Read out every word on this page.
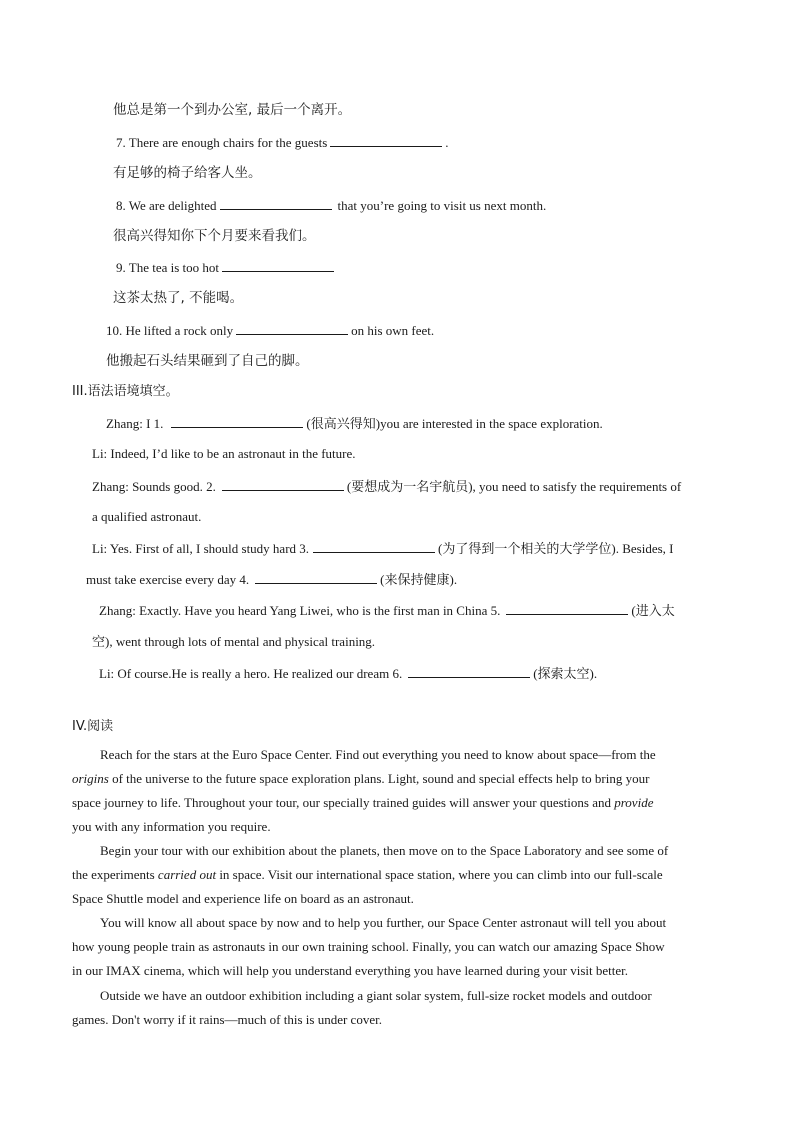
他总是第一个到办公室, 最后一个离开。
7. There are enough chairs for the guests	.
有足够的椅子给客人坐。
8. We are delighted	that you’re going to visit us next month.
很高兴得知你下个月要来看我们。
9. The tea is too hot
这茶太热了, 不能喝。
10. He lifted a rock only	on his own feet.
他搬起石头结果砸到了自己的脚。
III.语法语境填空。
Zhang: I 1.	(很高兴得知)you are interested in the space exploration.
Li: Indeed, I’d like to be an astronaut in the future.
Zhang: Sounds good. 2.	(要想成为一名宇航员), you need to satisfy the requirements of
a qualified astronaut.
Li: Yes. First of all, I should study hard 3.	(为了得到一个相关的大学学位). Besides, I
must take exercise every day 4.	(来保持健康).
Zhang: Exactly. Have you heard Yang Liwei, who is the first man in China 5.	(进入太
空), went through lots of mental and physical training.
Li: Of course.He is really a hero. He realized our dream 6.	(探索太空).
IV.阅读
Reach for the stars at the Euro Space Center. Find out everything you need to know about space—from the
origins of the universe to the future space exploration plans. Light, sound and special effects help to bring your
space journey to life. Throughout your tour, our specially trained guides will answer your questions and provide
you with any information you require.
Begin your tour with our exhibition about the planets, then move on to the Space Laboratory and see some of
the experiments carried out in space. Visit our international space station, where you can climb into our full-scale
Space Shuttle model and experience life on board as an astronaut.
You will know all about space by now and to help you further, our Space Center astronaut will tell you about
how young people train as astronauts in our own training school. Finally, you can watch our amazing Space Show
in our IMAX cinema, which will help you understand everything you have learned during your visit better.
Outside we have an outdoor exhibition including a giant solar system, full-size rocket models and outdoor
games. Don't worry if it rains—much of this is under cover.
